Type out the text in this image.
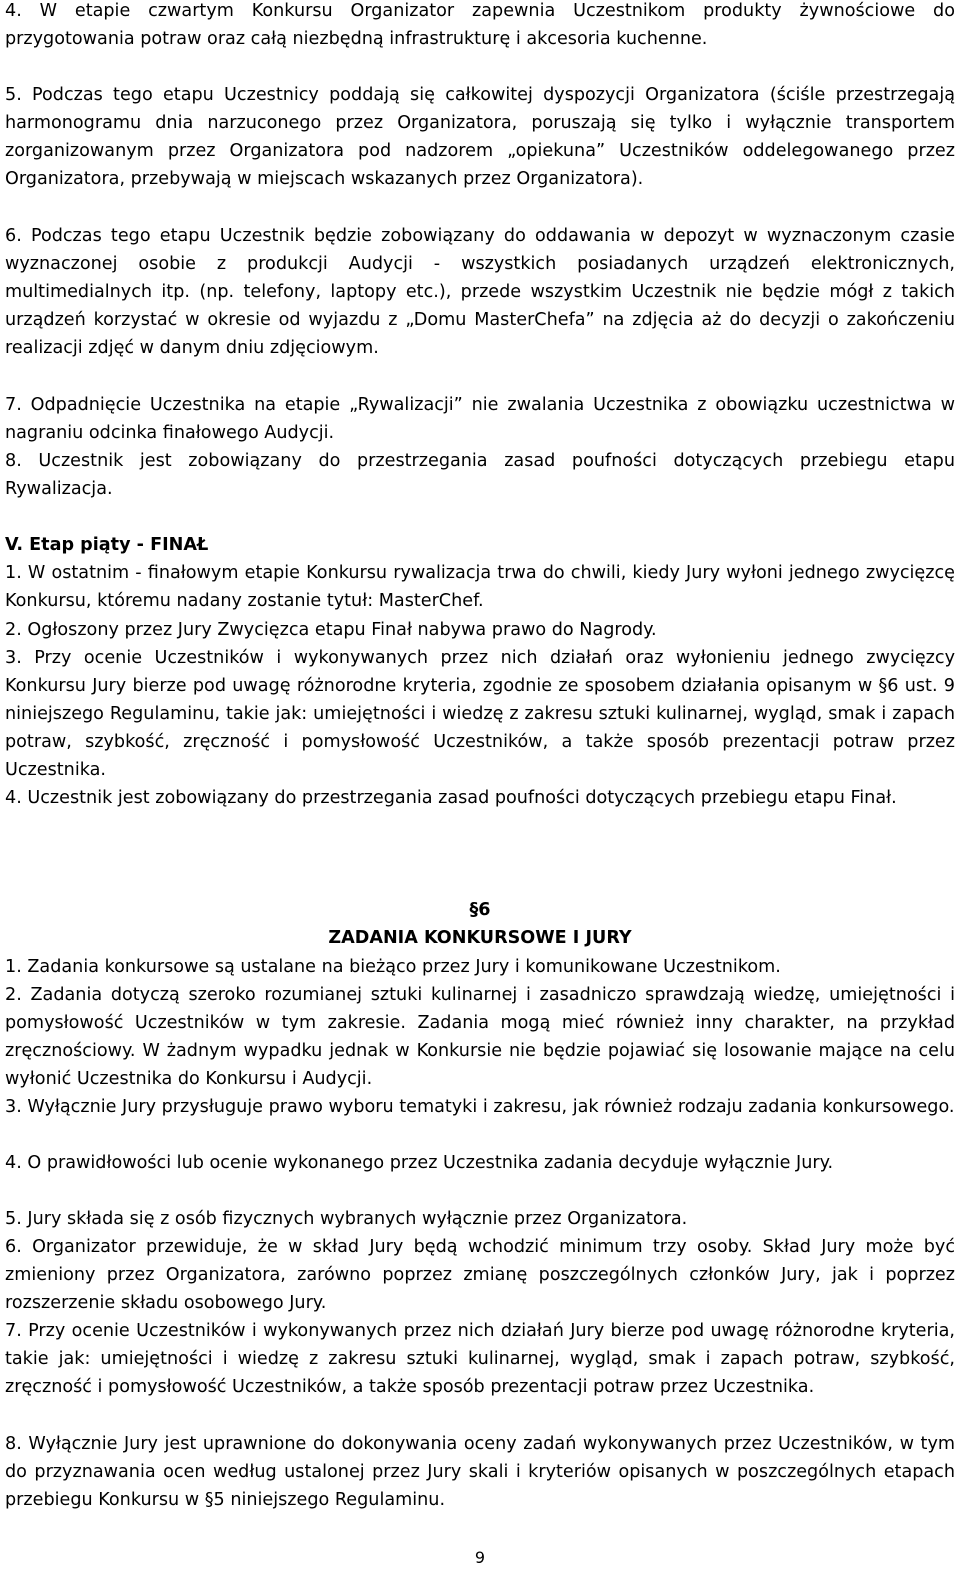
4. W etapie czwartym Konkursu Organizator zapewnia Uczestnikom produkty żywnościowe do przygotowania potraw oraz całą niezbędną infrastrukturę i akcesoria kuchenne.

5. Podczas tego etapu Uczestnicy poddają się całkowitej dyspozycji Organizatora (ściśle przestrzegają harmonogramu dnia narzuconego przez Organizatora, poruszają się tylko i wyłącznie transportem zorganizowanym przez Organizatora pod nadzorem „opiekuna” Uczestników oddelegowanego przez Organizatora, przebywają w miejscach wskazanych przez Organizatora).

6. Podczas tego etapu Uczestnik będzie zobowiązany do oddawania w depozyt w wyznaczonym czasie wyznaczonej osobie z produkcji Audycji - wszystkich posiadanych urządzeń elektronicznych, multimedialnych itp. (np. telefony, laptopy etc.), przede wszystkim Uczestnik nie będzie mógł z takich urządzeń korzystać w okresie od wyjazdu z „Domu MasterChefa” na zdjęcia aż do decyzji o zakończeniu realizacji zdjęć w danym dniu zdjęciowym.

7. Odpadnięcie Uczestnika na etapie „Rywalizacji” nie zwalania Uczestnika z obowiązku uczestnictwa w nagraniu odcinka finałowego Audycji.

8. Uczestnik jest zobowiązany do przestrzegania zasad poufności dotyczących przebiegu etapu Rywalizacja.

V. Etap piąty - FINAŁ

1. W ostatnim - finałowym etapie Konkursu rywalizacja trwa do chwili, kiedy Jury wyłoni jednego zwycięzcę Konkursu, któremu nadany zostanie tytuł: MasterChef.

2. Ogłoszony przez Jury Zwycięzca etapu Finał nabywa prawo do Nagrody.

3. Przy ocenie Uczestników i wykonywanych przez nich działań oraz wyłonieniu jednego zwycięzcy Konkursu Jury bierze pod uwagę różnorodne kryteria, zgodnie ze sposobem działania opisanym w §6 ust. 9 niniejszego Regulaminu, takie jak: umiejętności i wiedzę z zakresu sztuki kulinarnej, wygląd, smak i zapach potraw, szybkość, zręczność i pomysłowość Uczestników, a także sposób prezentacji potraw przez Uczestnika.

4. Uczestnik jest zobowiązany do przestrzegania zasad poufności dotyczących przebiegu etapu Finał.

§6

ZADANIA KONKURSOWE I JURY

1. Zadania konkursowe są ustalane na bieżąco przez Jury i komunikowane Uczestnikom.

2. Zadania dotyczą szeroko rozumianej sztuki kulinarnej i zasadniczo sprawdzają wiedzę, umiejętności i pomysłowość Uczestników w tym zakresie. Zadania mogą mieć również inny charakter, na przykład zręcznościowy. W żadnym wypadku jednak w Konkursie nie będzie pojawiać się losowanie mające na celu wyłonić Uczestnika do Konkursu i Audycji.

3. Wyłącznie Jury przysługuje prawo wyboru tematyki i zakresu, jak również rodzaju zadania konkursowego.

4. O prawidłowości lub ocenie wykonanego przez Uczestnika zadania decyduje wyłącznie Jury.

5. Jury składa się z osób fizycznych wybranych wyłącznie przez Organizatora.

6. Organizator przewiduje, że w skład Jury będą wchodzić minimum trzy osoby. Skład Jury może być zmieniony przez Organizatora, zarówno poprzez zmianę poszczególnych członków Jury, jak i poprzez rozszerzenie składu osobowego Jury.

7. Przy ocenie Uczestników i wykonywanych przez nich działań Jury bierze pod uwagę różnorodne kryteria, takie jak: umiejętności i wiedzę z zakresu sztuki kulinarnej, wygląd, smak i zapach potraw, szybkość, zręczność i pomysłowość Uczestników, a także sposób prezentacji potraw przez Uczestnika.

8. Wyłącznie Jury jest uprawnione do dokonywania oceny zadań wykonywanych przez Uczestników, w tym do przyznawania ocen według ustalonej przez Jury skali i kryteriów opisanych w poszczególnych etapach przebiegu Konkursu w §5 niniejszego Regulaminu.

9
